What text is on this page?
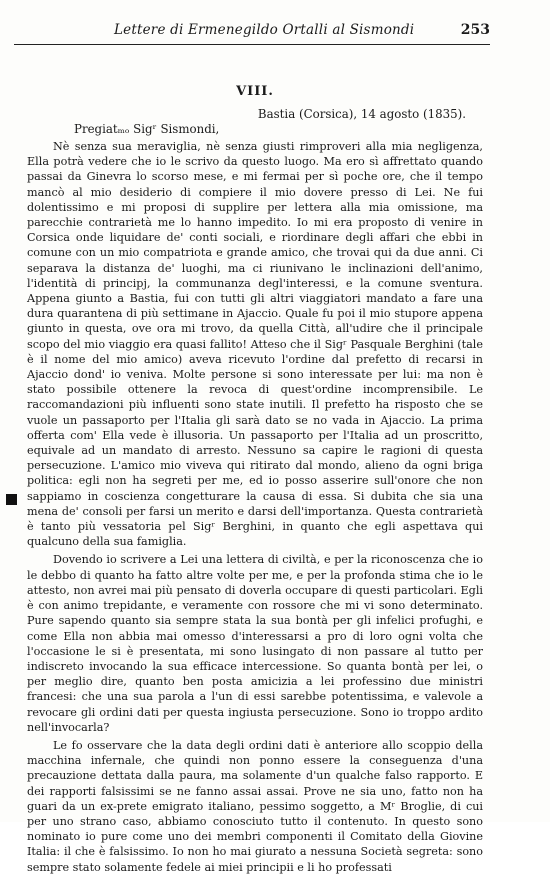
Lettere di Ermenegildo Ortalli al Sismondi	253
VIII.
Bastia (Corsica), 14 agosto (1835).
Pregiatₘₒ Sigʳ Sismondi,

Nè senza sua meraviglia, nè senza giusti rimproveri alla mia negligenza, Ella potrà vedere che io le scrivo da questo luogo. Ma ero sì affrettato quando passai da Ginevra lo scorso mese, e mi fermai per sì poche ore, che il tempo mancò al mio desiderio di compiere il mio dovere presso di Lei. Ne fui dolentissimo e mi proposi di supplire per lettera alla mia omissione, ma parecchie contrarietà me lo hanno impedito. Io mi era proposto di venire in Corsica onde liquidare de' conti sociali, e riordinare degli affari che ebbi in comune con un mio compatriota e grande amico, che trovai qui da due anni. Ci separava la distanza de' luoghi, ma ci riunivano le inclinazioni dell'animo, l'identità di principj, la communanza degl'interessi, e la comune sventura. Appena giunto a Bastia, fui con tutti gli altri viaggiatori mandato a fare una dura quarantena di più settimane in Ajaccio. Quale fu poi il mio stupore appena giunto in questa, ove ora mi trovo, da quella Città, all'udire che il principale scopo del mio viaggio era quasi fallito! Atteso che il Sigʳ Pasquale Berghini (tale è il nome del mio amico) aveva ricevuto l'ordine dal prefetto di recarsi in Ajaccio dond' io veniva. Molte persone si sono interessate per lui: ma non è stato possibile ottenere la revoca di quest'ordine incomprensibile. Le raccomandazioni più influenti sono state inutili. Il prefetto ha risposto che se vuole un passaporto per l'Italia gli sarà dato se no vada in Ajaccio. La prima offerta com' Ella vede è illusoria. Un passaporto per l'Italia ad un proscritto, equivale ad un mandato di arresto. Nessuno sa capire le ragioni di questa persecuzione. L'amico mio viveva qui ritirato dal mondo, alieno da ogni briga politica: egli non ha segreti per me, ed io posso asserire sull'onore che non sappiamo in coscienza congetturare la causa di essa. Si dubita che sia una mena de' consoli per farsi un merito e darsi dell'importanza. Questa contrarietà è tanto più vessatoria pel Sigʳ Berghini, in quanto che egli aspettava qui qualcuno della sua famiglia.

Dovendo io scrivere a Lei una lettera di civiltà, e per la riconoscenza che io le debbo di quanto ha fatto altre volte per me, e per la profonda stima che io le attesto, non avrei mai più pensato di doverla occupare di questi particolari. Egli è con animo trepidante, e veramente con rossore che mi vi sono determinato. Pure sapendo quanto sia sempre stata la sua bontà per gli infelici profughi, e come Ella non abbia mai omesso d'interessarsi a pro di loro ogni volta che l'occasione le si è presentata, mi sono lusingato di non passare al tutto per indiscreto invocando la sua efficace intercessione. So quanta bontà per lei, o per meglio dire, quanto ben posta amicizia a lei professino due ministri francesi: che una sua parola a l'un di essi sarebbe potentissima, e valevole a revocare gli ordini dati per questa ingiusta persecuzione. Sono io troppo ardito nell'invocarla?

Le fo osservare che la data degli ordini dati è anteriore allo scoppio della macchina infernale, che quindi non ponno essere la conseguenza d'una precauzione dettata dalla paura, ma solamente d'un qualche falso rapporto. E dei rapporti falsissimi se ne fanno assai assai. Prove ne sia uno, fatto non ha guari da un ex-prete emigrato italiano, pessimo soggetto, a Mʳ Broglie, di cui per uno strano caso, abbiamo conosciuto tutto il contenuto. In questo sono nominato io pure come uno dei membri componenti il Comitato della Giovine Italia: il che è falsissimo. Io non ho mai giurato a nessuna Società segreta: sono sempre stato solamente fedele ai miei principii e li ho professati
